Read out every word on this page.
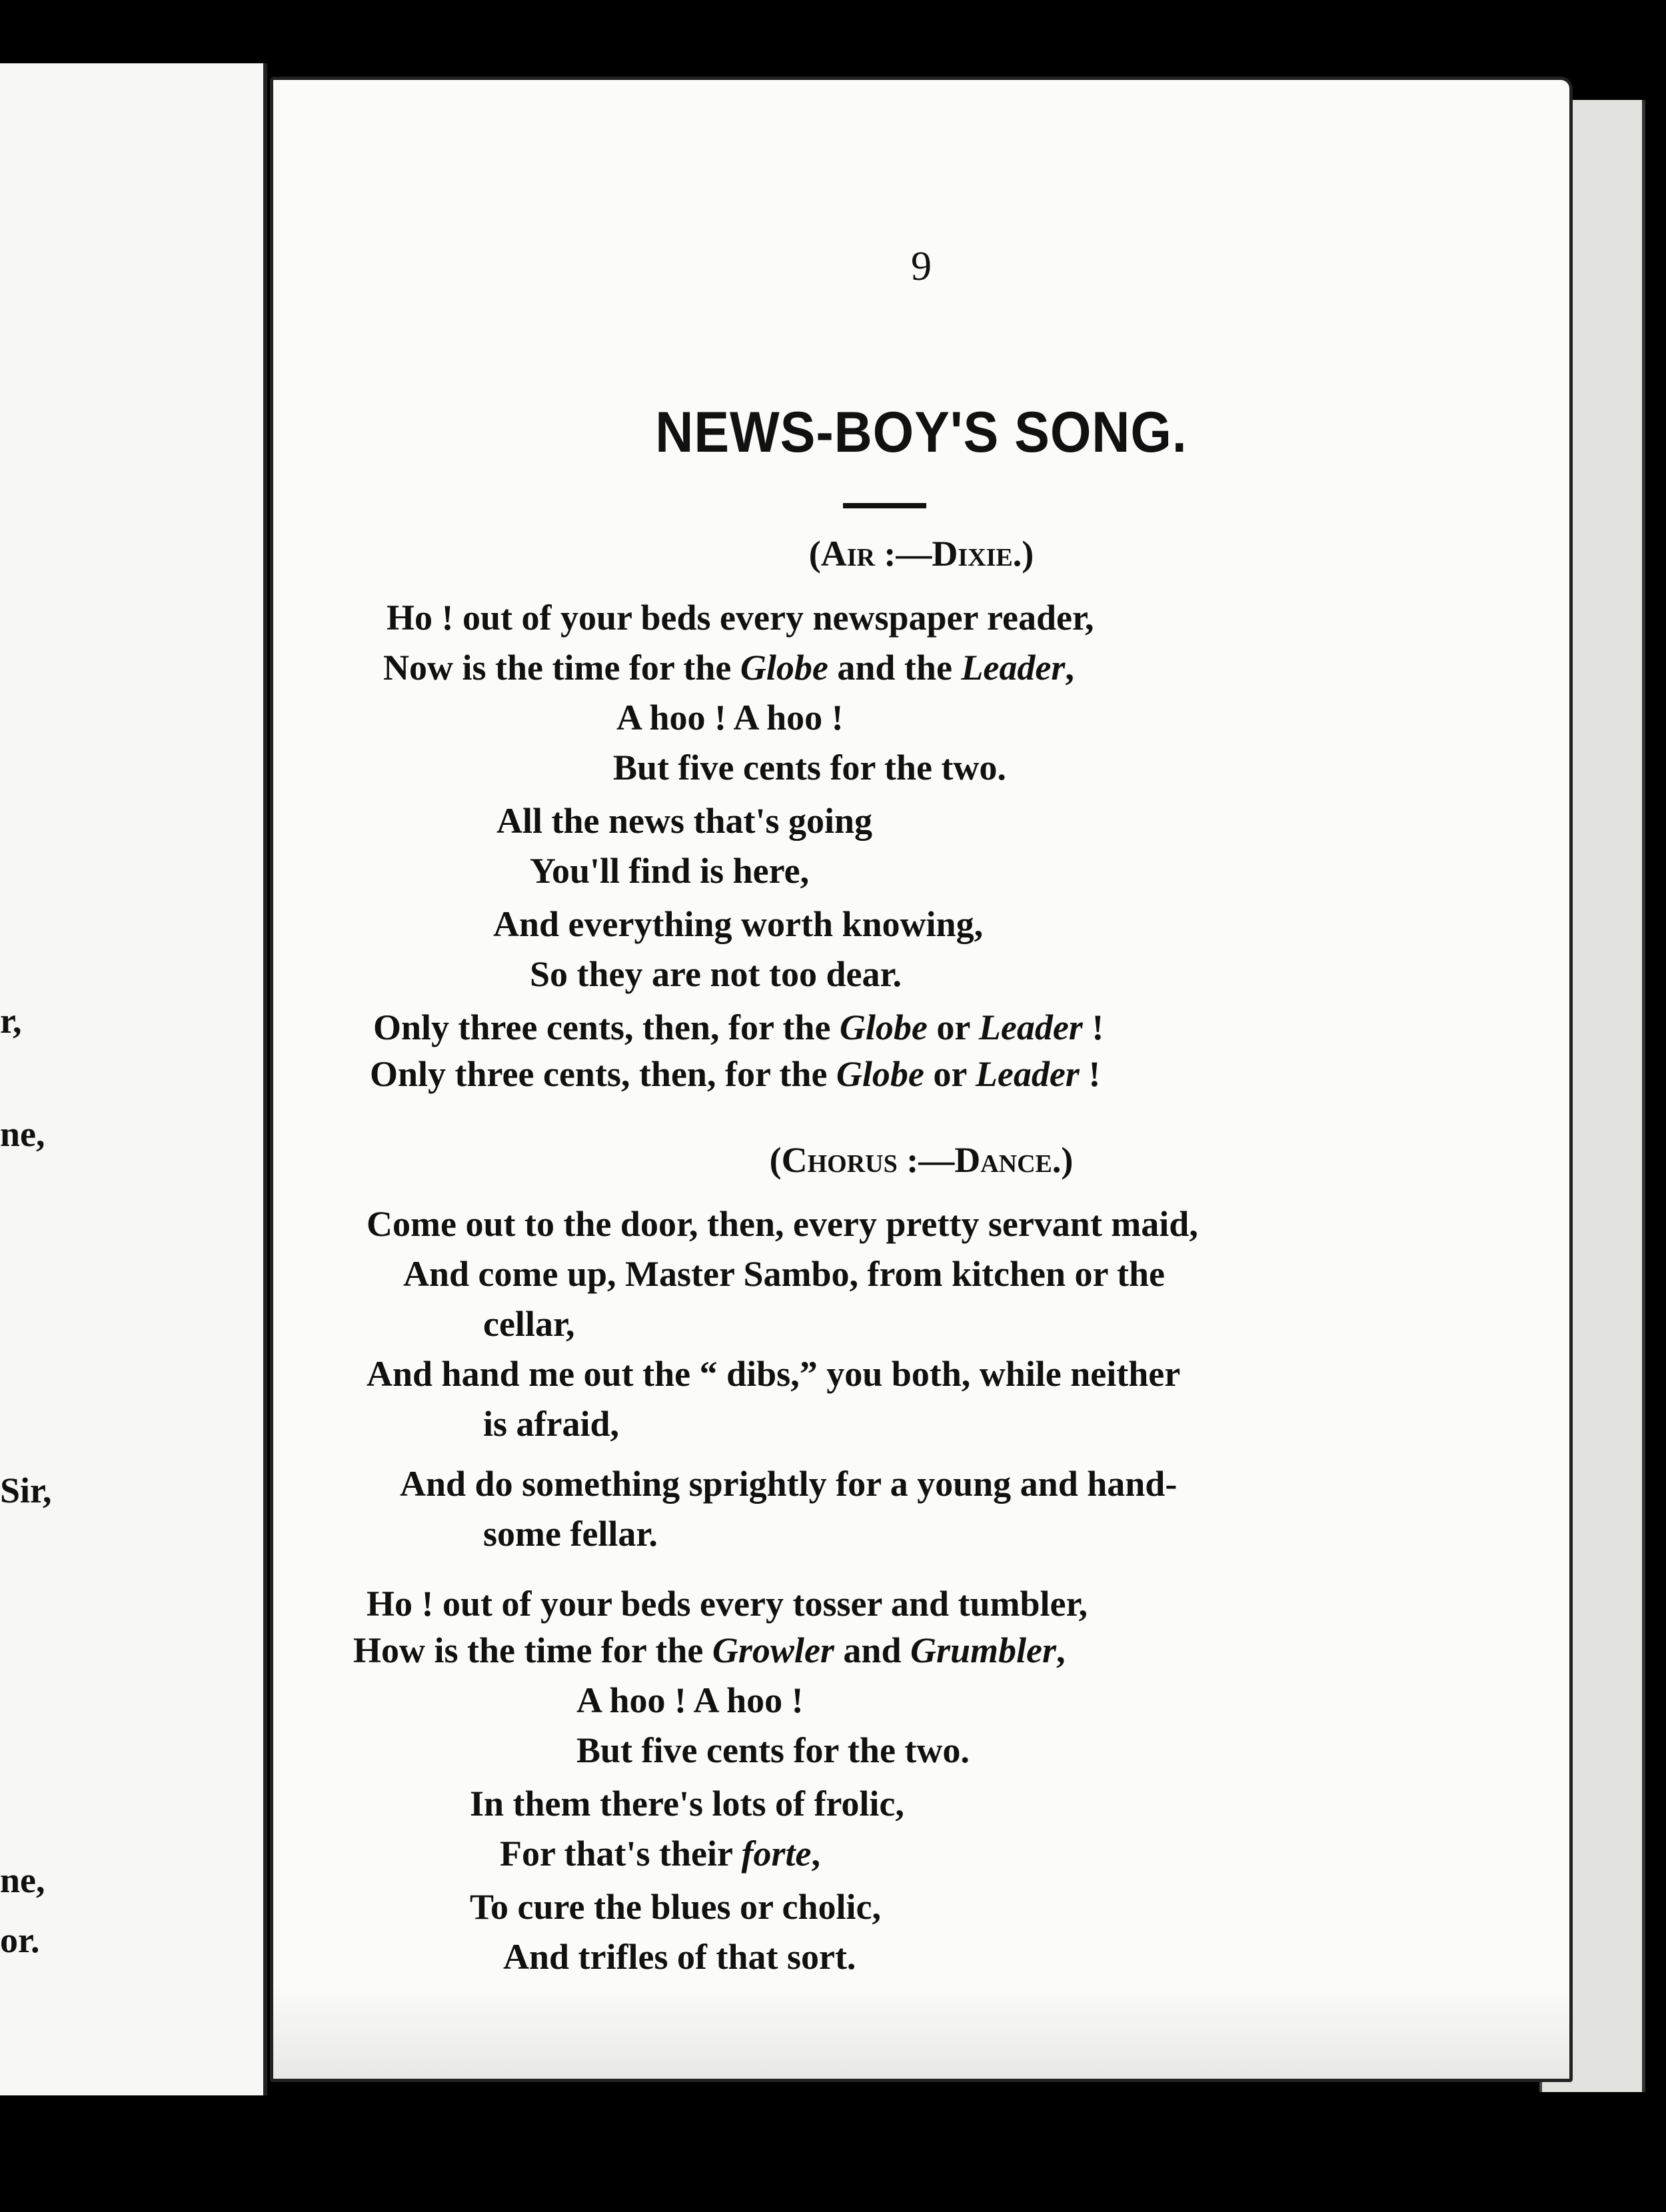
r,
ne,
Sir,
ne,
or.
9
NEWS-BOY'S SONG.
(Air :—Dixie.)
Ho ! out of your beds every newspaper reader,
Now is the time for the Globe and the Leader,
A hoo ! A hoo !
But five cents for the two.
All the news that's going
You'll find is here,
And everything worth knowing,
So they are not too dear.
Only three cents, then, for the Globe or Leader !
Only three cents, then, for the Globe or Leader !
(Chorus :—Dance.)
Come out to the door, then, every pretty servant maid,
And come up, Master Sambo, from kitchen or the
cellar,
And hand me out the “ dibs,” you both, while neither
is afraid,
And do something sprightly for a young and hand-
some fellar.
Ho ! out of your beds every tosser and tumbler,
How is the time for the Growler and Grumbler,
A hoo ! A hoo !
But five cents for the two.
In them there's lots of frolic,
For that's their forte,
To cure the blues or cholic,
And trifles of that sort.
